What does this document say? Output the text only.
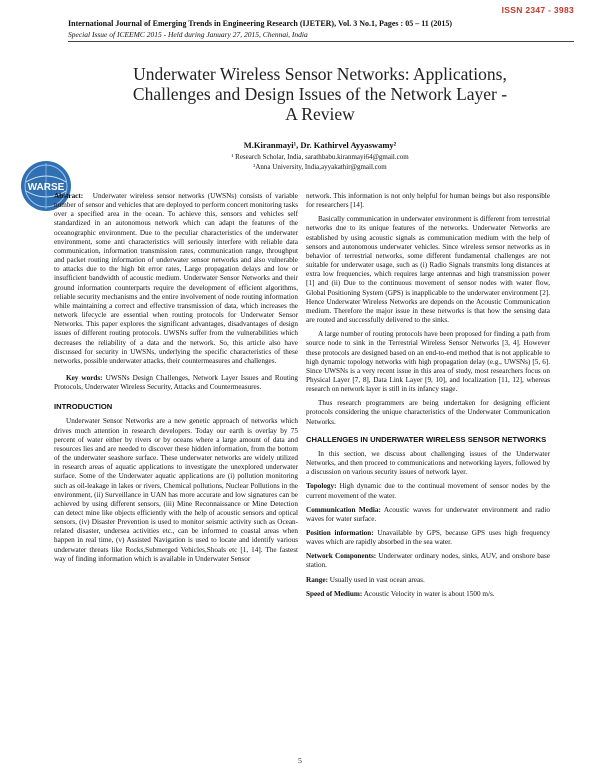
ISSN 2347 - 3983
International Journal of Emerging Trends in Engineering Research (IJETER), Vol. 3 No.1, Pages : 05 – 11 (2015)
Special Issue of ICEEMC 2015 - Held during January 27, 2015, Chennai, India
Underwater Wireless Sensor Networks: Applications,
Challenges and Design Issues of the Network Layer -
A Review
WARSE
M.Kiranmayi¹, Dr. Kathirvel Ayyaswamy²
¹ Research Scholar, India, sarathbabu.kiranmayi64@gmail.com
²Anna University, India,ayyakathir@gmail.com

Abstract: Underwater wireless sensor networks (UWSNs) consists of variable number of sensor and vehicles that are deployed to perform concert monitoring tasks over a specified area in the ocean. To achieve this, sensors and vehicles self standardized in an autonomous network which can adapt the features of the oceanographic environment. Due to the peculiar characteristics of the underwater environment, some anti characteristics will seriously interfere with reliable data communication, information transmission rates, communication range, throughput and packet routing information of underwater sensor networks and also vulnerable to attacks due to the high bit error rates, Large propagation delays and low or insufficient bandwidth of acoustic medium. Underwater Sensor Networks and their ground information counterparts require the development of efficient algorithms, reliable security mechanisms and the entire involvement of node routing information while maintaining a correct and effective transmission of data, which increases the network lifecycle are essential when routing protocols for Underwater Sensor Networks. This paper explores the significant advantages, disadvantages of design issues of different routing protocols. UWSNs suffer from the vulnerabilities which decreases the reliability of a data and the network. So, this article also have discussed for security in UWSNs, underlying the specific characteristics of these networks, possible underwater attacks, their countermeasures and challenges.

Key words: UWSNs Design Challenges, Network Layer Issues and Routing Protocols, Underwater Wireless Security, Attacks and Countermeasures.

INTRODUCTION

Underwater Sensor Networks are a new genetic approach of networks which drives much attention in research developers. Today our earth is overlay by 75 percent of water either by rivers or by oceans where a large amount of data and resources lies and are needed to discover these hidden information, from the bottom of the underwater seashore surface. These underwater networks are widely utilized in research areas of aquatic applications to investigate the unexplored underwater surface. Some of the Underwater aquatic applications are (i) pollution monitoring such as oil-leakage in lakes or rivers, Chemical pollutions, Nuclear Pollutions in the environment, (ii) Surveillance in UAN has more accurate and low signatures can be achieved by using different sensors, (iii) Mine Reconnaissance or Mine Detection can detect mine like objects efficiently with the help of acoustic sensors and optical sensors, (iv) Disaster Prevention is used to monitor seismic activity such as Ocean-related disaster, undersea activities etc., can be informed to coastal areas when happen in real time, (v) Assisted Navigation is used to locate and identify various underwater threats like Rocks,Submerged Vehicles,Shoals etc [1, 14]. The fastest way of finding information which is available in Underwater Sensor

network. This information is not only helpful for human beings but also responsible for researchers [14].

Basically communication in underwater environment is different from terrestrial networks due to its unique features of the networks. Underwater Networks are established by using acoustic signals as communication medium with the help of sensors and autonomous underwater vehicles. Since wireless sensor networks as in behavior of terrestrial networks, some different fundamental challenges are not suitable for underwater usage, such as (i) Radio Signals transmits long distances at extra low frequencies, which requires large antennas and high transmission power [1] and (ii) Due to the continuous movement of sensor nodes with water flow, Global Positioning System (GPS) is inapplicable to the underwater environment [2]. Hence Underwater Wireless Networks are depends on the Acoustic Communication medium. Therefore the major issue in these networks is that how the sensing data are routed and successfully delivered to the sinks.

A large number of routing protocols have been proposed for finding a path from source node to sink in the Terrestrial Wireless Sensor Networks [3, 4]. However these protocols are designed based on an end-to-end method that is not applicable to high dynamic topology networks with high propagation delay (e.g., UWSNs) [5, 6]. Since UWSNs is a very recent issue in this area of study, most researchers focus on Physical Layer [7, 8], Data Link Layer [9, 10], and localization [11, 12], whereas research on network layer is still in its infancy stage.

Thus research programmers are being undertaken for designing efficient protocols considering the unique characteristics of the Underwater Communication Networks.

CHALLENGES IN UNDERWATER WIRELESS SENSOR NETWORKS

In this section, we discuss about challenging issues of the Underwater Networks, and then proceed to communications and networking layers, followed by a discussion on various security issues of network layer.

Topology: High dynamic due to the continual movement of sensor nodes by the current movement of the water.

Communication Media: Acoustic waves for underwater environment and radio waves for water surface.

Position information: Unavailable by GPS, because GPS uses high frequency waves which are rapidly absorbed in the sea water.

Network Components: Underwater ordinary nodes, sinks, AUV, and onshore base station.

Range: Usually used in vast ocean areas.

Speed of Medium: Acoustic Velocity in water is about 1500 m/s.

5
